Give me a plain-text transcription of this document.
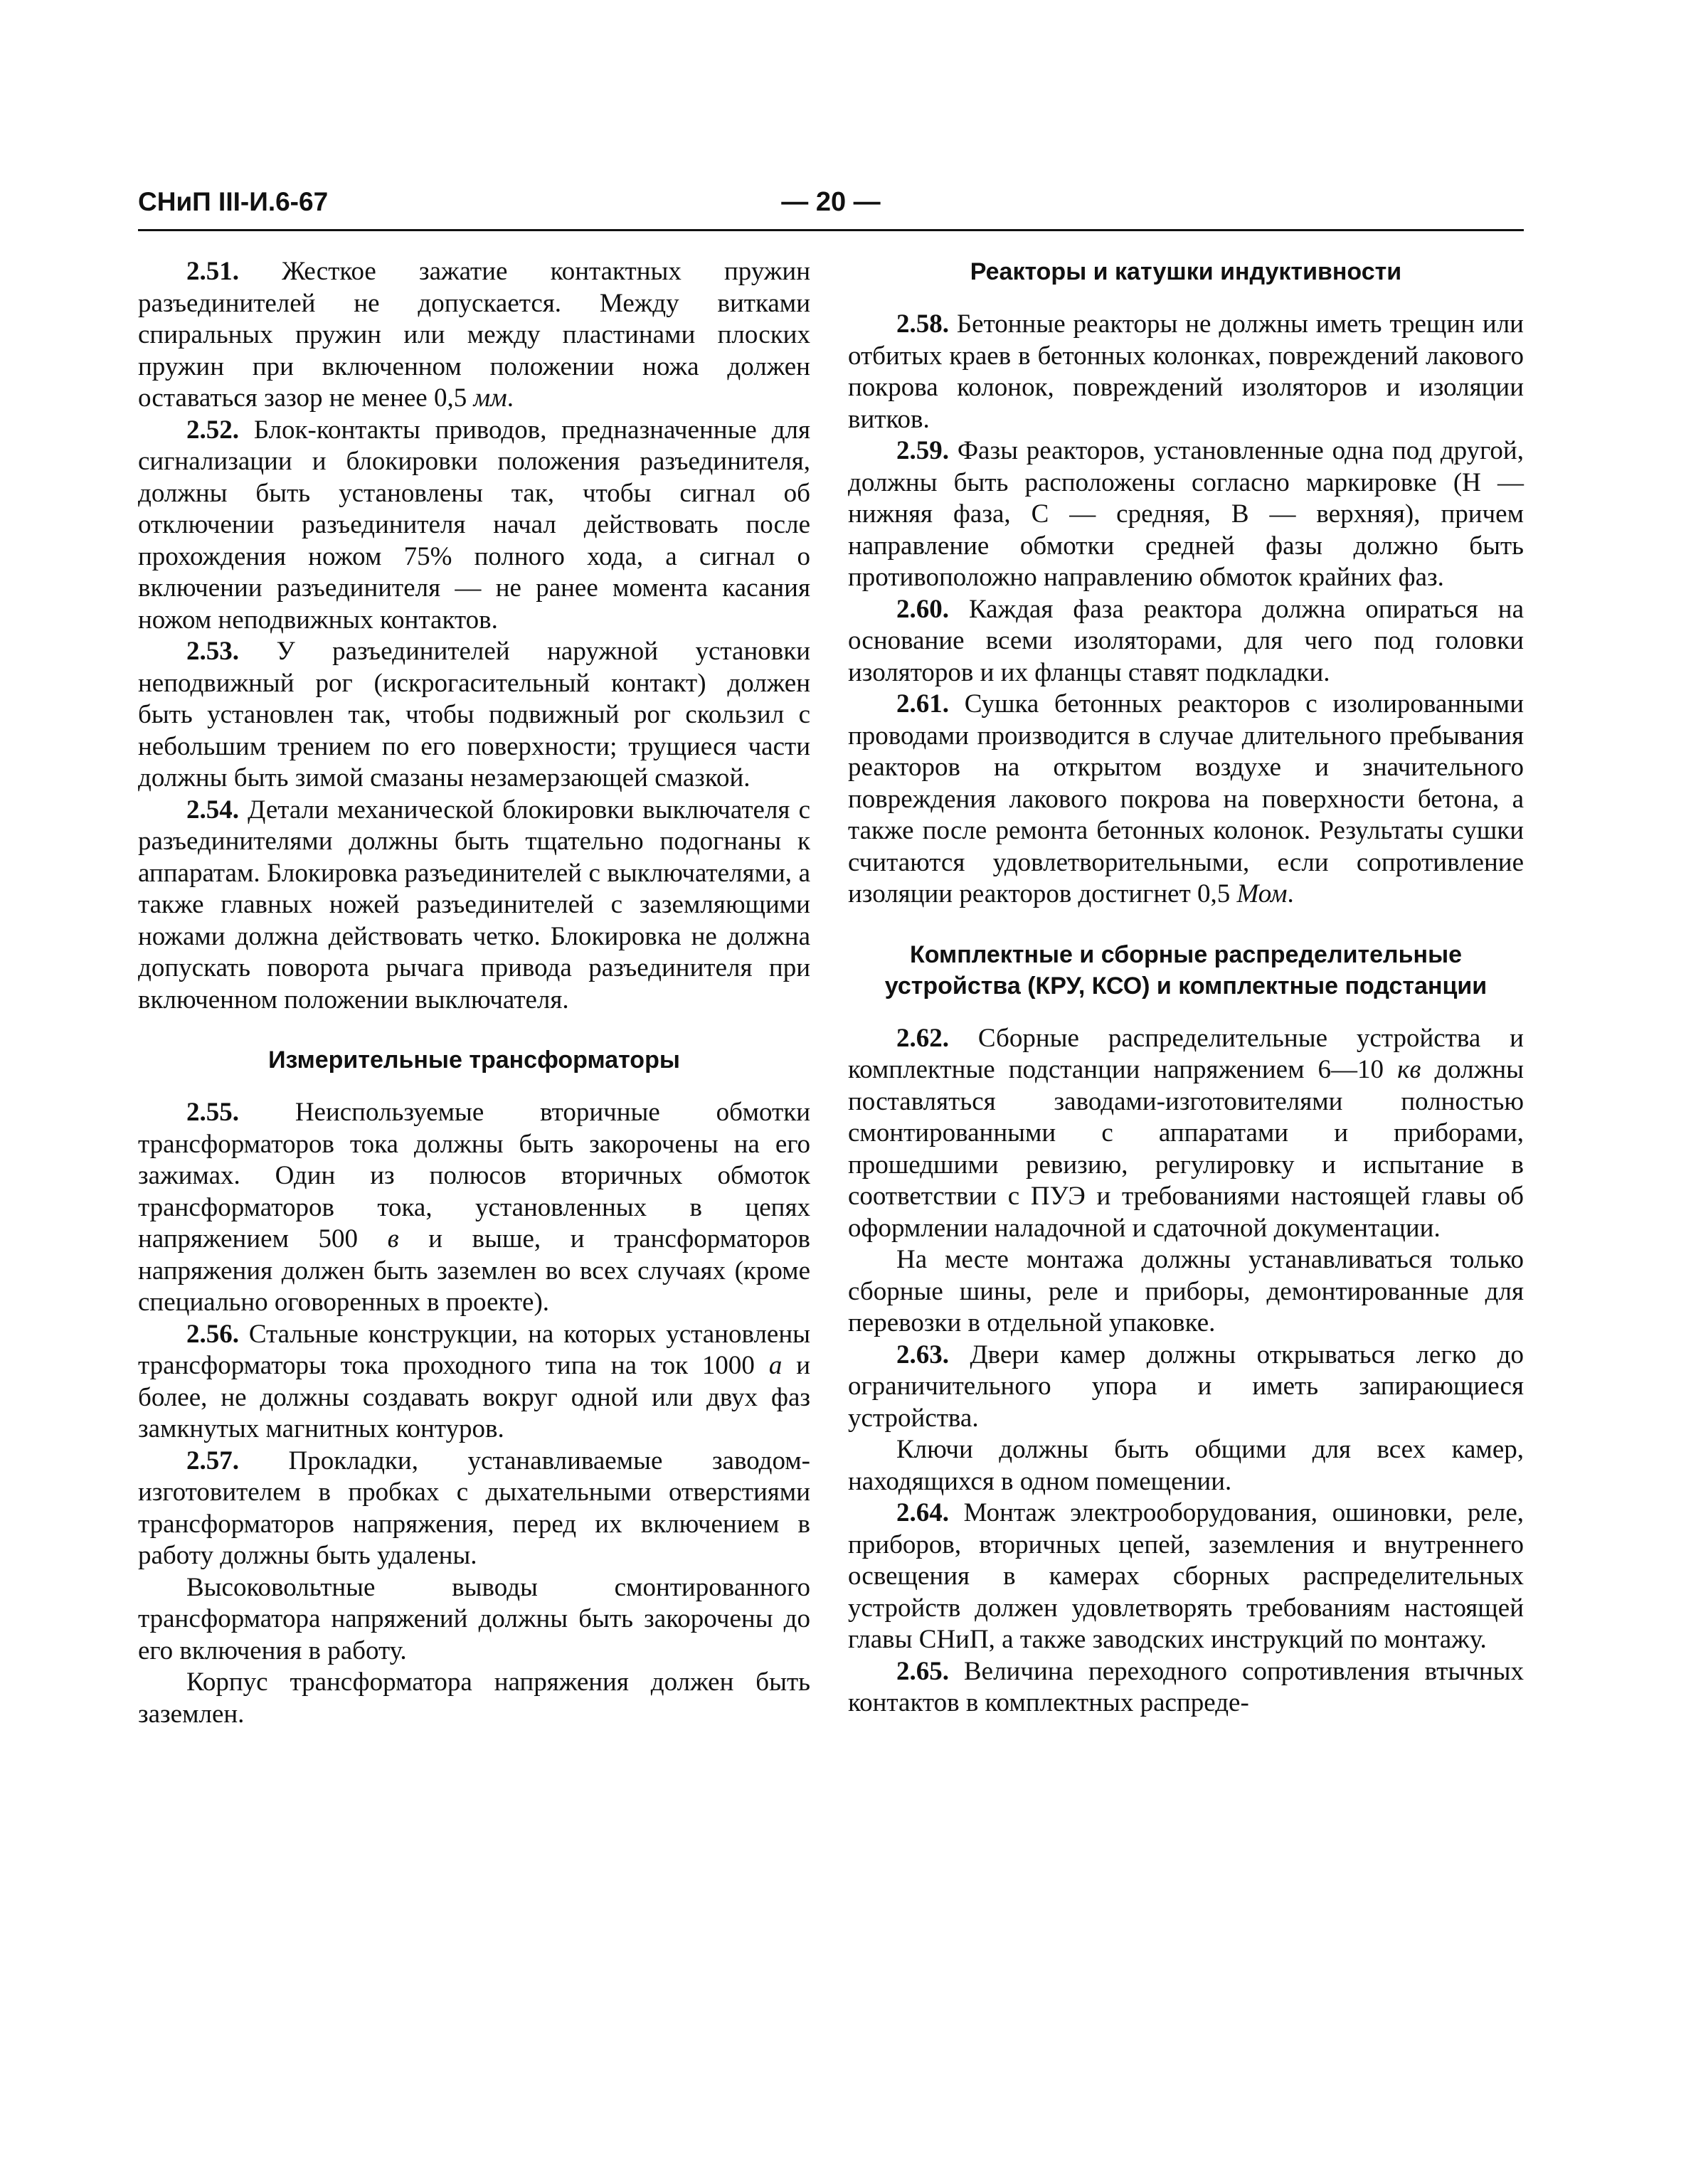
СНиП III-И.6-67	— 20 —

2.51. Жесткое зажатие контактных пружин разъединителей не допускается. Между витками спиральных пружин или между пластинами плоских пружин при включенном положении ножа должен оставаться зазор не менее 0,5 мм.

2.52. Блок-контакты приводов, предназначенные для сигнализации и блокировки положения разъединителя, должны быть установлены так, чтобы сигнал об отключении разъединителя начал действовать после прохождения ножом 75% полного хода, а сигнал о включении разъединителя — не ранее момента касания ножом неподвижных контактов.

2.53. У разъединителей наружной установки неподвижный рог (искрогасительный контакт) должен быть установлен так, чтобы подвижный рог скользил с небольшим трением по его поверхности; трущиеся части должны быть зимой смазаны незамерзающей смазкой.

2.54. Детали механической блокировки выключателя с разъединителями должны быть тщательно подогнаны к аппаратам. Блокировка разъединителей с выключателями, а также главных ножей разъединителей с заземляющими ножами должна действовать четко. Блокировка не должна допускать поворота рычага привода разъединителя при включенном положении выключателя.

Измерительные трансформаторы

2.55. Неиспользуемые вторичные обмотки трансформаторов тока должны быть закорочены на его зажимах. Один из полюсов вторичных обмоток трансформаторов тока, установленных в цепях напряжением 500 в и выше, и трансформаторов напряжения должен быть заземлен во всех случаях (кроме специально оговоренных в проекте).

2.56. Стальные конструкции, на которых установлены трансформаторы тока проходного типа на ток 1000 а и более, не должны создавать вокруг одной или двух фаз замкнутых магнитных контуров.

2.57. Прокладки, устанавливаемые заводом-изготовителем в пробках с дыхательными отверстиями трансформаторов напряжения, перед их включением в работу должны быть удалены.

Высоковольтные выводы смонтированного трансформатора напряжений должны быть закорочены до его включения в работу.

Корпус трансформатора напряжения должен быть заземлен.

Реакторы и катушки индуктивности

2.58. Бетонные реакторы не должны иметь трещин или отбитых краев в бетонных колонках, повреждений лакового покрова колонок, повреждений изоляторов и изоляции витков.

2.59. Фазы реакторов, установленные одна под другой, должны быть расположены согласно маркировке (Н — нижняя фаза, С — средняя, В — верхняя), причем направление обмотки средней фазы должно быть противоположно направлению обмоток крайних фаз.

2.60. Каждая фаза реактора должна опираться на основание всеми изоляторами, для чего под головки изоляторов и их фланцы ставят подкладки.

2.61. Сушка бетонных реакторов с изолированными проводами производится в случае длительного пребывания реакторов на открытом воздухе и значительного повреждения лакового покрова на поверхности бетона, а также после ремонта бетонных колонок. Результаты сушки считаются удовлетворительными, если сопротивление изоляции реакторов достигнет 0,5 Мом.

Комплектные и сборные распределительные устройства (КРУ, КСО) и комплектные подстанции

2.62. Сборные распределительные устройства и комплектные подстанции напряжением 6—10 кв должны поставляться заводами-изготовителями полностью смонтированными с аппаратами и приборами, прошедшими ревизию, регулировку и испытание в соответствии с ПУЭ и требованиями настоящей главы об оформлении наладочной и сдаточной документации.

На месте монтажа должны устанавливаться только сборные шины, реле и приборы, демонтированные для перевозки в отдельной упаковке.

2.63. Двери камер должны открываться легко до ограничительного упора и иметь запирающиеся устройства.

Ключи должны быть общими для всех камер, находящихся в одном помещении.

2.64. Монтаж электрооборудования, ошиновки, реле, приборов, вторичных цепей, заземления и внутреннего освещения в камерах сборных распределительных устройств должен удовлетворять требованиям настоящей главы СНиП, а также заводских инструкций по монтажу.

2.65. Величина переходного сопротивления втычных контактов в комплектных распреде-
